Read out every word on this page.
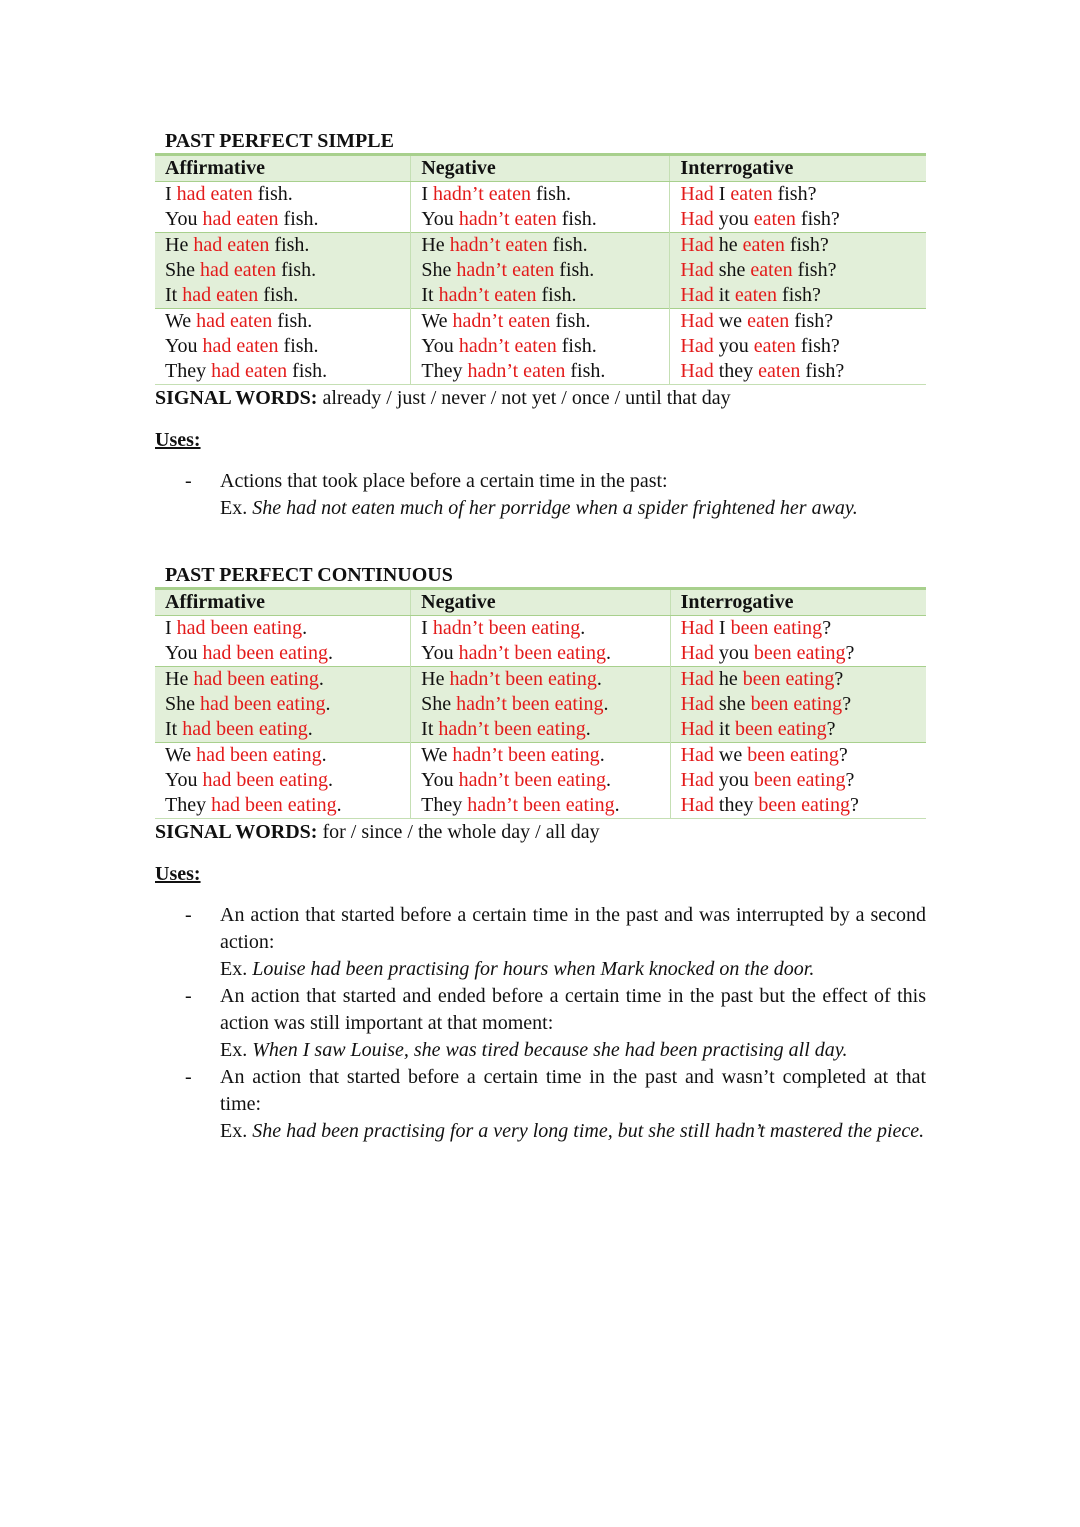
PAST PERFECT SIMPLE
Affirmative	Negative	Interrogative
I had eaten fish.	I hadn’t eaten fish.	Had I eaten fish?
You had eaten fish.	You hadn’t eaten fish.	Had you eaten fish?
He had eaten fish.	He hadn’t eaten fish.	Had he eaten fish?
She had eaten fish.	She hadn’t eaten fish.	Had she eaten fish?
It had eaten fish.	It hadn’t eaten fish.	Had it eaten fish?
We had eaten fish.	We hadn’t eaten fish.	Had we eaten fish?
You had eaten fish.	You hadn’t eaten fish.	Had you eaten fish?
They had eaten fish.	They hadn’t eaten fish.	Had they eaten fish?
SIGNAL WORDS: already / just / never / not yet / once / until that day
Uses:
- Actions that took place before a certain time in the past:
Ex. She had not eaten much of her porridge when a spider frightened her away.
PAST PERFECT CONTINUOUS
Affirmative	Negative	Interrogative
I had been eating.	I hadn’t been eating.	Had I been eating?
You had been eating.	You hadn’t been eating.	Had you been eating?
He had been eating.	He hadn’t been eating.	Had he been eating?
She had been eating.	She hadn’t been eating.	Had she been eating?
It had been eating.	It hadn’t been eating.	Had it been eating?
We had been eating.	We hadn’t been eating.	Had we been eating?
You had been eating.	You hadn’t been eating.	Had you been eating?
They had been eating.	They hadn’t been eating.	Had they been eating?
SIGNAL WORDS: for / since / the whole day / all day
Uses:
- An action that started before a certain time in the past and was interrupted by a second action:
Ex. Louise had been practising for hours when Mark knocked on the door.
- An action that started and ended before a certain time in the past but the effect of this action was still important at that moment:
Ex. When I saw Louise, she was tired because she had been practising all day.
- An action that started before a certain time in the past and wasn’t completed at that time:
Ex. She had been practising for a very long time, but she still hadn’t mastered the piece.
